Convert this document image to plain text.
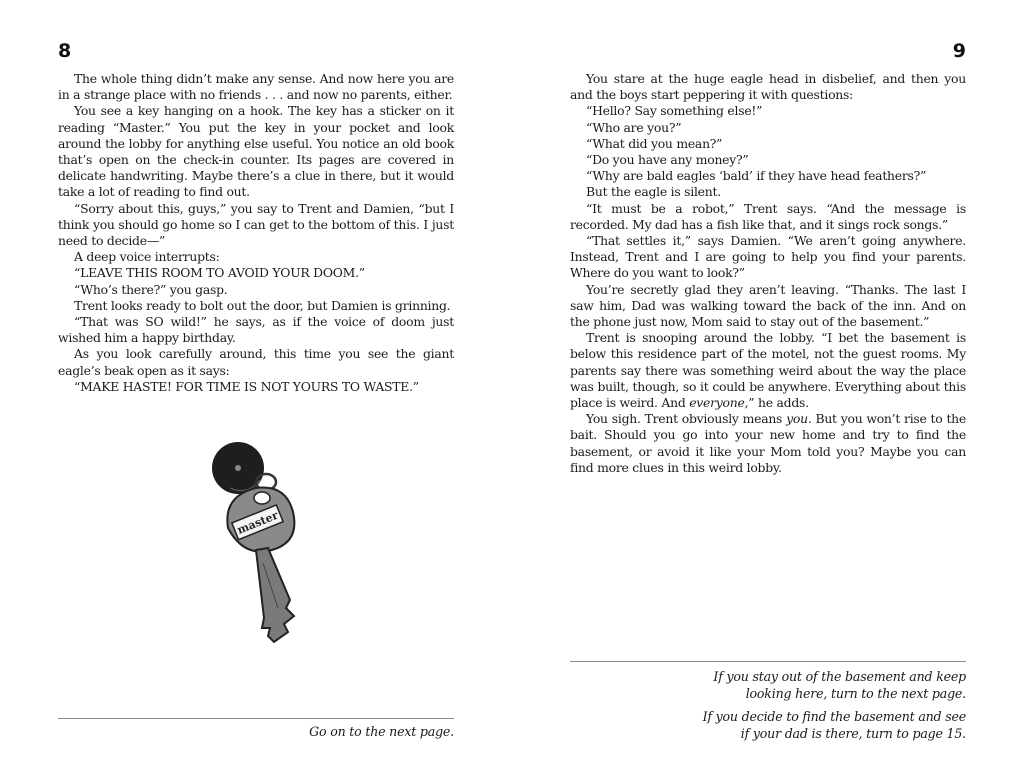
8

The whole thing didn’t make any sense. And now here you are in a strange place with no friends . . . and now no parents, either.

You see a key hanging on a hook. The key has a sticker on it reading “Master.” You put the key in your pocket and look around the lobby for anything else useful. You notice an old book that’s open on the check-in counter. Its pages are covered in delicate handwriting. Maybe there’s a clue in there, but it would take a lot of reading to find out.

“Sorry about this, guys,” you say to Trent and Damien, “but I think you should go home so I can get to the bottom of this. I just need to decide—”

A deep voice interrupts:

“LEAVE THIS ROOM TO AVOID YOUR DOOM.”

“Who’s there?” you gasp.

Trent looks ready to bolt out the door, but Damien is grinning.

“That was SO wild!” he says, as if the voice of doom just wished him a happy birthday.

As you look carefully around, this time you see the giant eagle’s beak open as it says:

“MAKE HASTE! FOR TIME IS NOT YOURS TO WASTE.”

master
Go on to the next page.
9

You stare at the huge eagle head in disbelief, and then you and the boys start peppering it with questions:

“Hello? Say something else!”

“Who are you?”

“What did you mean?”

“Do you have any money?”

“Why are bald eagles ‘bald’ if they have head feathers?”

But the eagle is silent.

“It must be a robot,” Trent says. “And the message is recorded. My dad has a fish like that, and it sings rock songs.”

“That settles it,” says Damien. “We aren’t going anywhere. Instead, Trent and I are going to help you find your parents. Where do you want to look?”

You’re secretly glad they aren’t leaving. “Thanks. The last I saw him, Dad was walking toward the back of the inn. And on the phone just now, Mom said to stay out of the basement.”

Trent is snooping around the lobby. “I bet the basement is below this residence part of the motel, not the guest rooms. My parents say there was something weird about the way the place was built, though, so it could be anywhere. Everything about this place is weird. And everyone,” he adds.

You sigh. Trent obviously means you. But you won’t rise to the bait. Should you go into your new home and try to find the basement, or avoid it like your Mom told you? Maybe you can find more clues in this weird lobby.

If you stay out of the basement and keep
looking here, turn to the next page.
If you decide to find the basement and see
if your dad is there, turn to page 15.
